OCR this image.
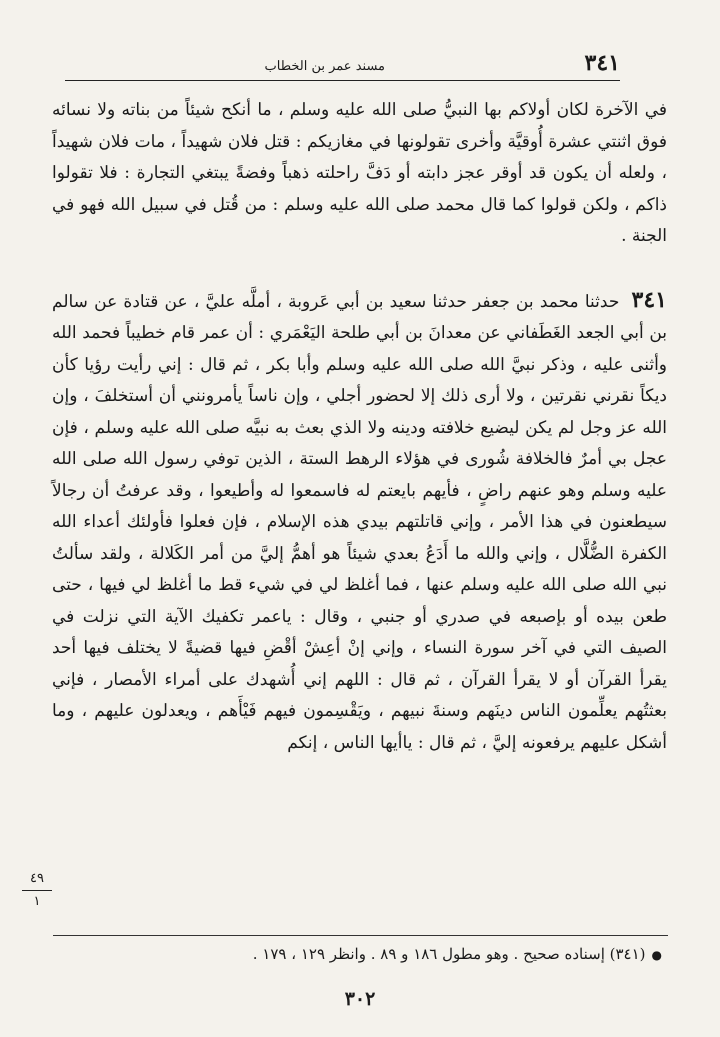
٣٤١
مسند عمر بن الخطاب

في الآخرة لكان أولاكم بها النبيُّ صلى الله عليه وسلم ، ما أنكح شيئاً من بناته ولا نسائه فوق اثنتي عشرة أُوقيَّة وأخرى تقولونها في مغازيكم : قتل فلان شهيداً ، مات فلان شهيداً ، ولعله أن يكون قد أوقر عجز دابته أو دَفَّ راحلته ذهباً وفضةً يبتغي التجارة : فلا تقولوا ذاكم ، ولكن قولوا كما قال محمد صلى الله عليه وسلم : من قُتل في سبيل الله فهو في الجنة .

٣٤١ حدثنا محمد بن جعفر حدثنا سعيد بن أبي عَروبة ، أملَّه عليَّ ، عن قتادة عن سالم بن أبي الجعد الغَطَفاني عن معدانَ بن أبي طلحة اليَعْمَري : أن عمر قام خطيباً فحمد الله وأثنى عليه ، وذكر نبيَّ الله صلى الله عليه وسلم وأبا بكر ، ثم قال : إني رأيت رؤيا كأن ديكاً نقرني نقرتين ، ولا أرى ذلك إلا لحضور أجلي ، وإن ناساً يأمرونني أن أستخلفَ ، وإن الله عز وجل لم يكن ليضيع خلافته ودينه ولا الذي بعث به نبيَّه صلى الله عليه وسلم ، فإن عجل بي أمرٌ فالخلافة شُورى في هؤلاء الرهط الستة ، الذين توفي رسول الله صلى الله عليه وسلم وهو عنهم راضٍ ، فأيهم بايعتم له فاسمعوا له وأطيعوا ، وقد عرفتُ أن رجالاً سيطعنون في هذا الأمر ، وإني قاتلتهم بيدي هذه الإسلام ، فإن فعلوا فأولئك أعداء الله الكفرة الضُّلَّال ، وإني والله ما أَدَعُ بعدي شيئاً هو أهمُّ إليَّ من أمر الكَلالة ، ولقد سألتُ نبي الله صلى الله عليه وسلم عنها ، فما أغلظ لي في شيء قط ما أغلظ لي فيها ، حتى طعن بيده أو بإصبعه في صدري أو جنبي ، وقال : ياعمر تكفيك الآية التي نزلت في الصيف التي في آخر سورة النساء ، وإني إنْ أعِشْ أقْضِ فيها قضيةً لا يختلف فيها أحد يقرأ القرآن أو لا يقرأ القرآن ، ثم قال : اللهم إني أُشهدك على أمراء الأمصار ، فإني بعثتُهم يعلِّمون الناس دينَهم وسنةَ نبيهم ، ويَقْسِمون فيهم فَيْأَهم ، ويعدلون عليهم ، وما أشكل عليهم يرفعونه إليَّ ، ثم قال : ياأيها الناس ، إنكم

٤٩
١
●(٣٤١) إسناده صحيح . وهو مطول ١٨٦ و ٨٩ . وانظر ١٢٩ ، ١٧٩ .
٣٠٢
